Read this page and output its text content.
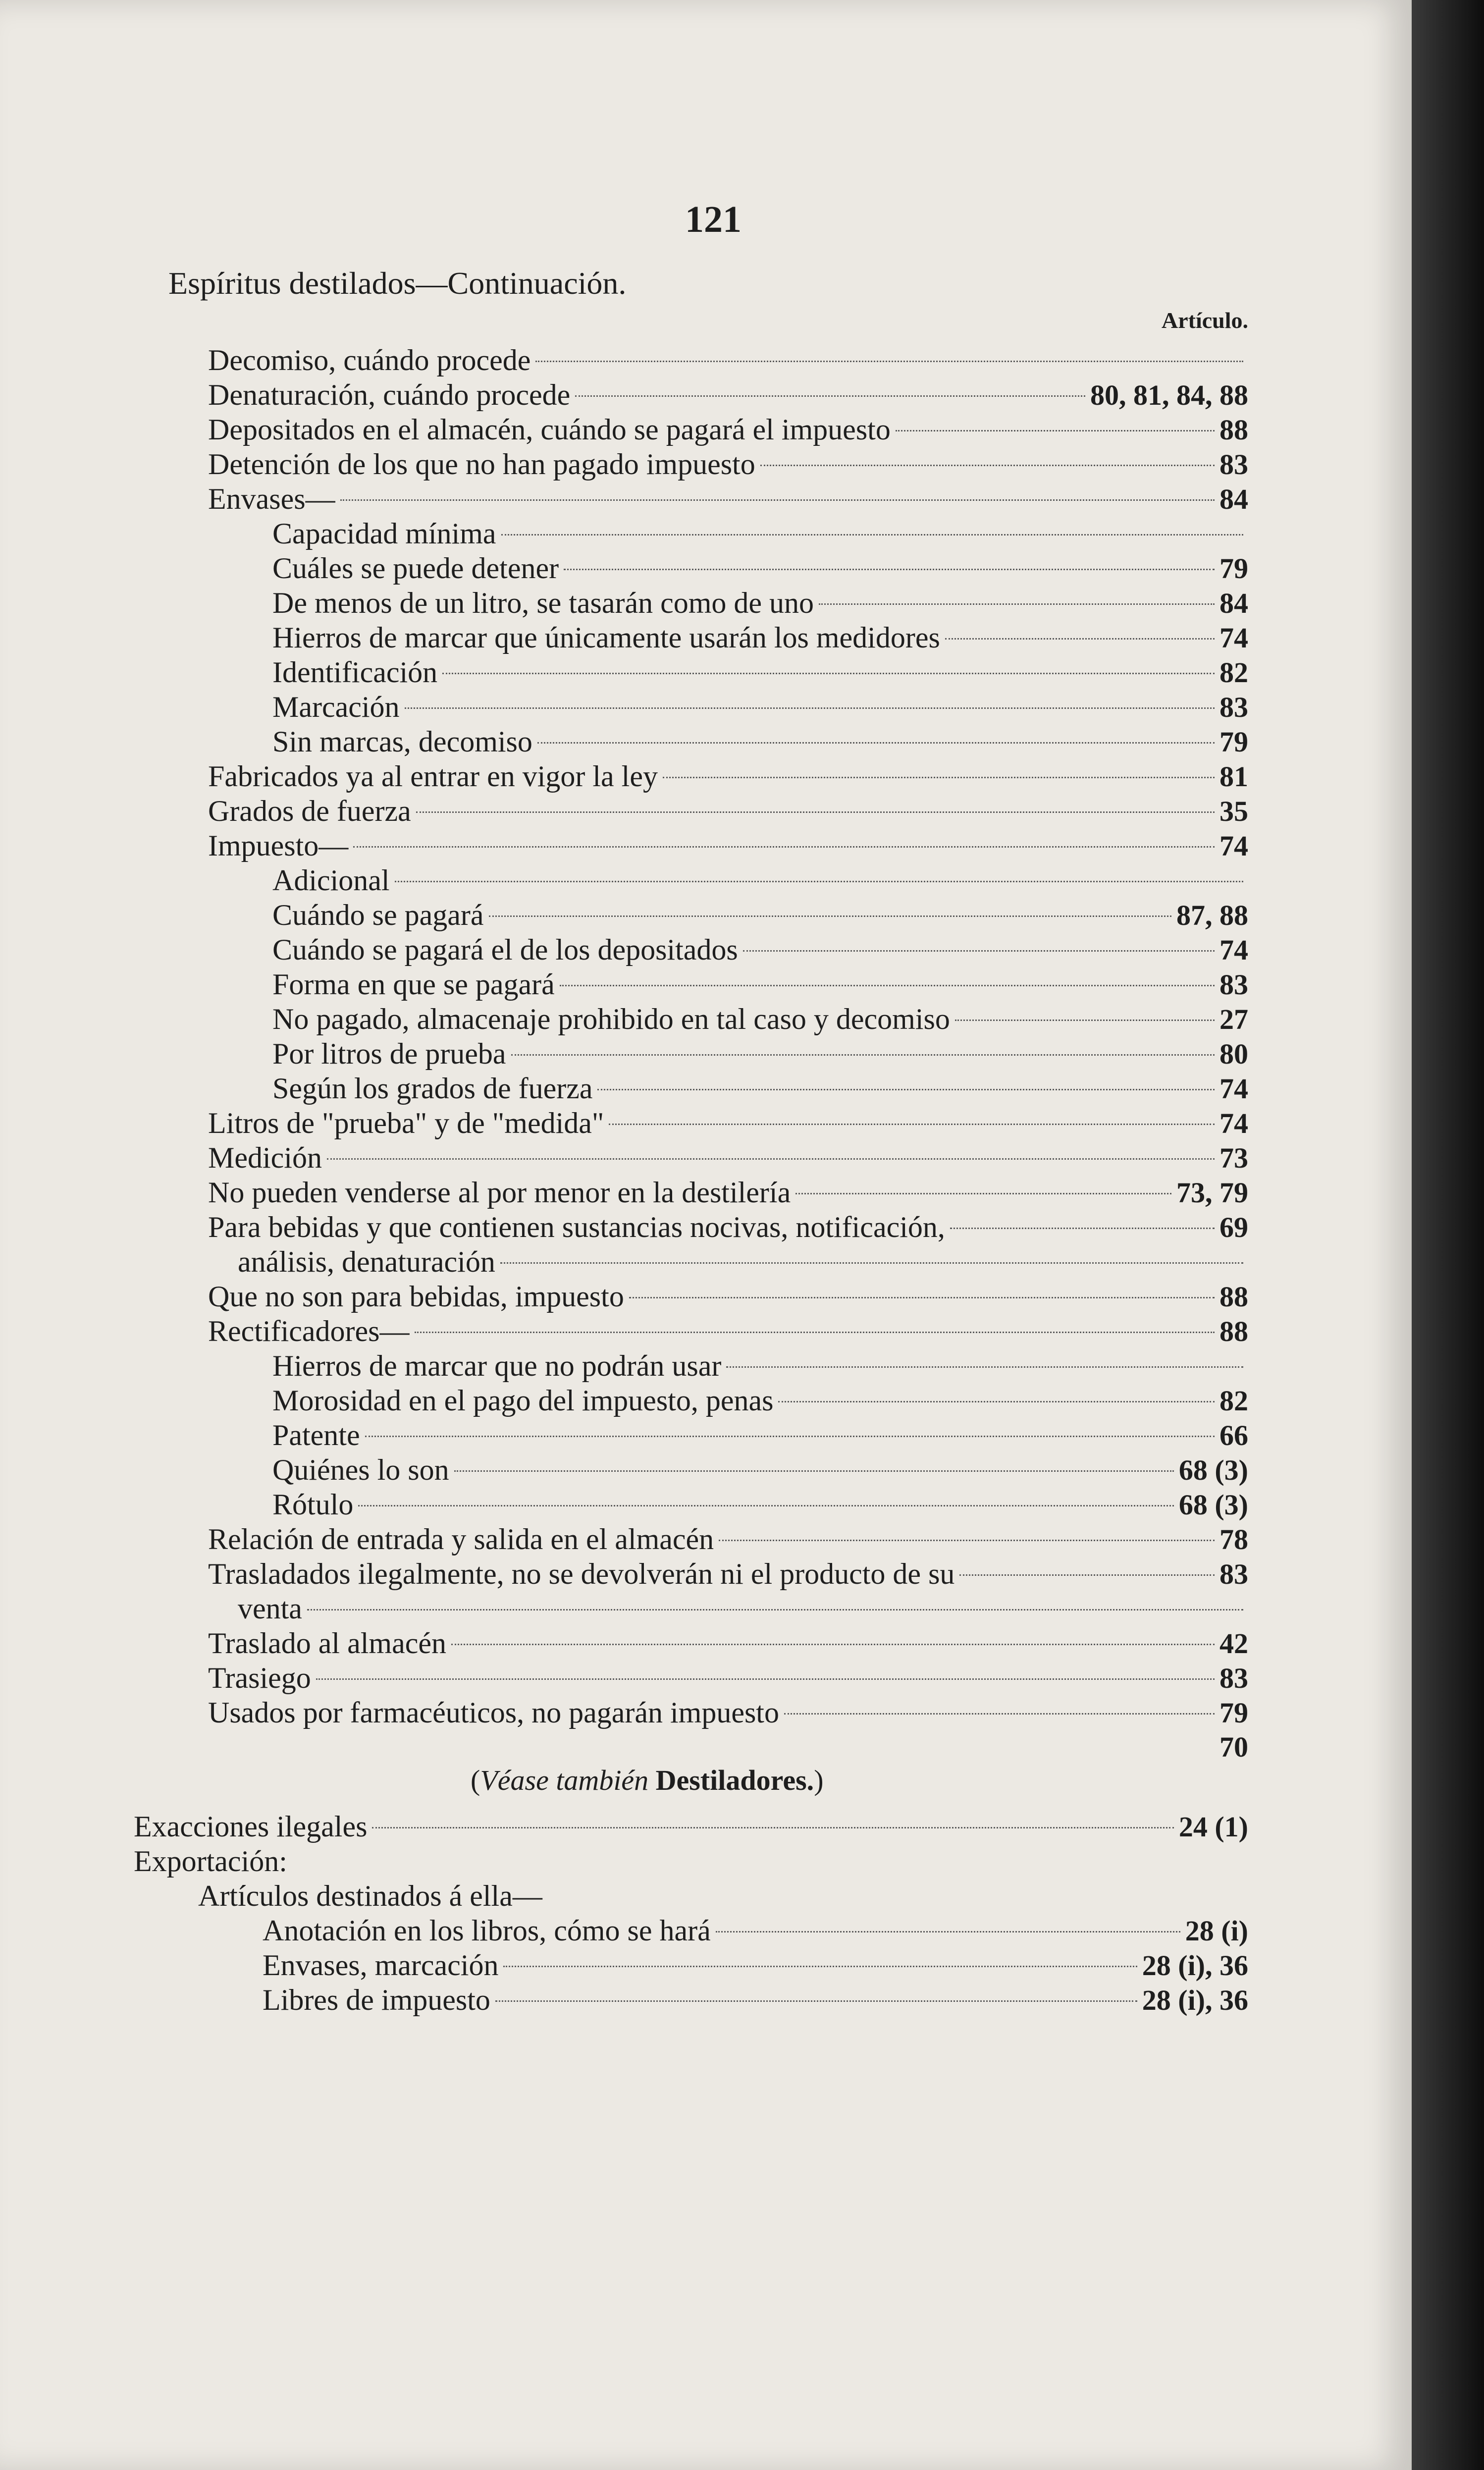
121
Espíritus destilados—Continuación.
Artículo.
Decomiso, cuándo procede
Denaturación, cuándo procede	80, 81, 84, 88
Depositados en el almacén, cuándo se pagará el impuesto	88
Detención de los que no han pagado impuesto	83
Envases—	84
Capacidad mínima
Cuáles se puede detener	79
De menos de un litro, se tasarán como de uno	84
Hierros de marcar que únicamente usarán los medidores	74
Identificación	82
Marcación	83
Sin marcas, decomiso	79
Fabricados ya al entrar en vigor la ley	81
Grados de fuerza	35
Impuesto—	74
Adicional
Cuándo se pagará	87, 88
Cuándo se pagará el de los depositados	74
Forma en que se pagará	83
No pagado, almacenaje prohibido en tal caso y decomiso	27
Por litros de prueba	80
Según los grados de fuerza	74
Litros de "prueba" y de "medida"	74
Medición	73
No pueden venderse al por menor en la destilería	73, 79
Para bebidas y que contienen sustancias nocivas, notificación,	69
análisis, denaturación
Que no son para bebidas, impuesto	88
Rectificadores—	88
Hierros de marcar que no podrán usar
Morosidad en el pago del impuesto, penas	82
Patente	66
Quiénes lo son	68 (3)
Rótulo	68 (3)
Relación de entrada y salida en el almacén	78
Trasladados ilegalmente, no se devolverán ni el producto de su	83
venta
Traslado al almacén	42
Trasiego	83
Usados por farmacéuticos, no pagarán impuesto	79
70
(Véase también Destiladores.)
Exacciones ilegales	24 (1)
Exportación:
Artículos destinados á ella—
Anotación en los libros, cómo se hará	28 (i)
Envases, marcación	28 (i), 36
Libres de impuesto	28 (i), 36
